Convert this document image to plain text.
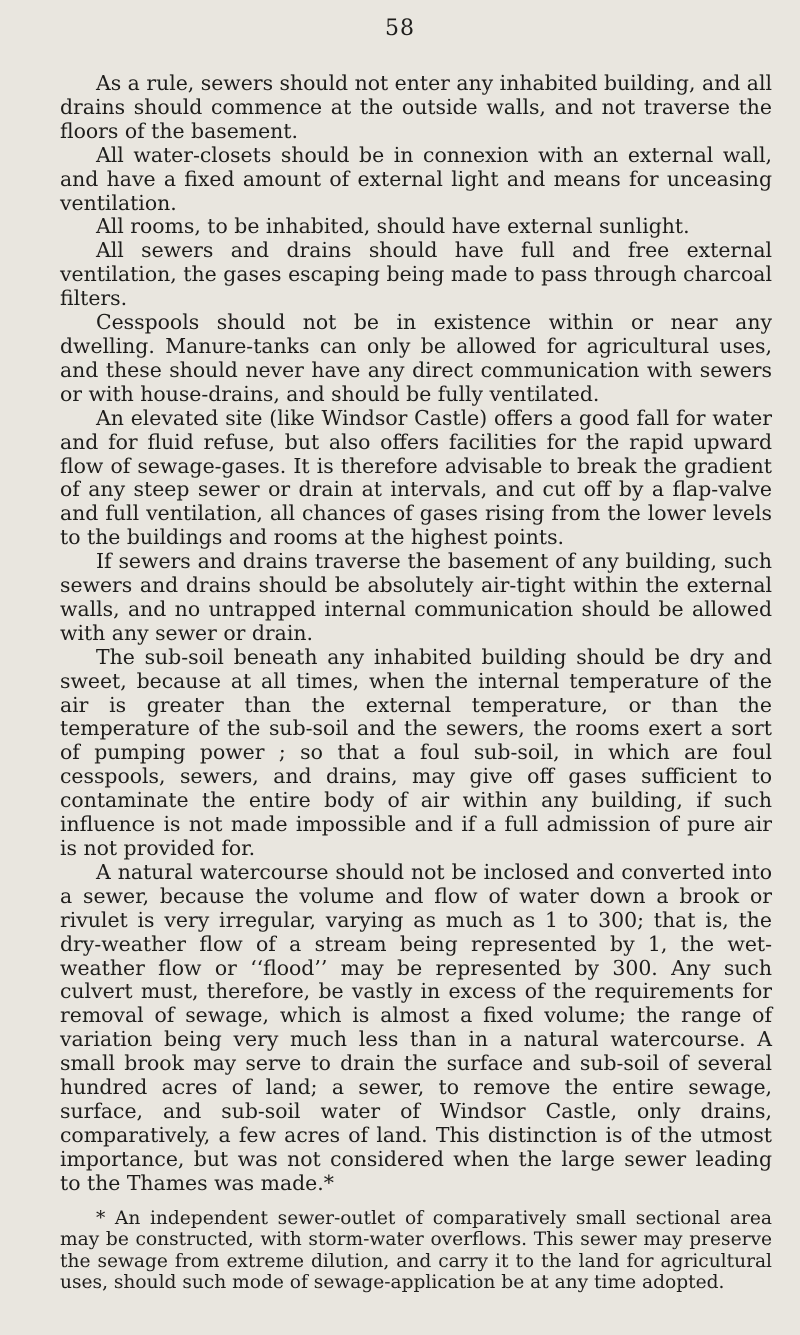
58

As a rule, sewers should not enter any inhabited building, and all drains should commence at the outside walls, and not traverse the floors of the basement.

All water-closets should be in connexion with an external wall, and have a fixed amount of external light and means for unceasing ventilation.

All rooms, to be inhabited, should have external sunlight.

All sewers and drains should have full and free external ventilation, the gases escaping being made to pass through charcoal filters.

Cesspools should not be in existence within or near any dwelling. Manure-tanks can only be allowed for agricultural uses, and these should never have any direct communication with sewers or with house-drains, and should be fully ventilated.

An elevated site (like Windsor Castle) offers a good fall for water and for fluid refuse, but also offers facilities for the rapid upward flow of sewage-gases. It is therefore advisable to break the gradient of any steep sewer or drain at intervals, and cut off by a flap-valve and full ventilation, all chances of gases rising from the lower levels to the buildings and rooms at the highest points.

If sewers and drains traverse the basement of any building, such sewers and drains should be absolutely air-tight within the external walls, and no untrapped internal communication should be allowed with any sewer or drain.

The sub-soil beneath any inhabited building should be dry and sweet, because at all times, when the internal temperature of the air is greater than the external temperature, or than the temperature of the sub-soil and the sewers, the rooms exert a sort of pumping power ; so that a foul sub-soil, in which are foul cesspools, sewers, and drains, may give off gases sufficient to contaminate the entire body of air within any building, if such influence is not made impossible and if a full admission of pure air is not provided for.

A natural watercourse should not be inclosed and converted into a sewer, because the volume and flow of water down a brook or rivulet is very irregular, varying as much as 1 to 300; that is, the dry-weather flow of a stream being represented by 1, the wet-weather flow or ‘‘flood’’ may be represented by 300. Any such culvert must, therefore, be vastly in excess of the requirements for removal of sewage, which is almost a fixed volume; the range of variation being very much less than in a natural watercourse. A small brook may serve to drain the surface and sub-soil of several hundred acres of land; a sewer, to remove the entire sewage, surface, and sub-soil water of Windsor Castle, only drains, comparatively, a few acres of land. This distinction is of the utmost importance, but was not considered when the large sewer leading to the Thames was made.*

* An independent sewer-outlet of comparatively small sectional area may be constructed, with storm-water overflows. This sewer may preserve the sewage from extreme dilution, and carry it to the land for agricultural uses, should such mode of sewage-application be at any time adopted.
